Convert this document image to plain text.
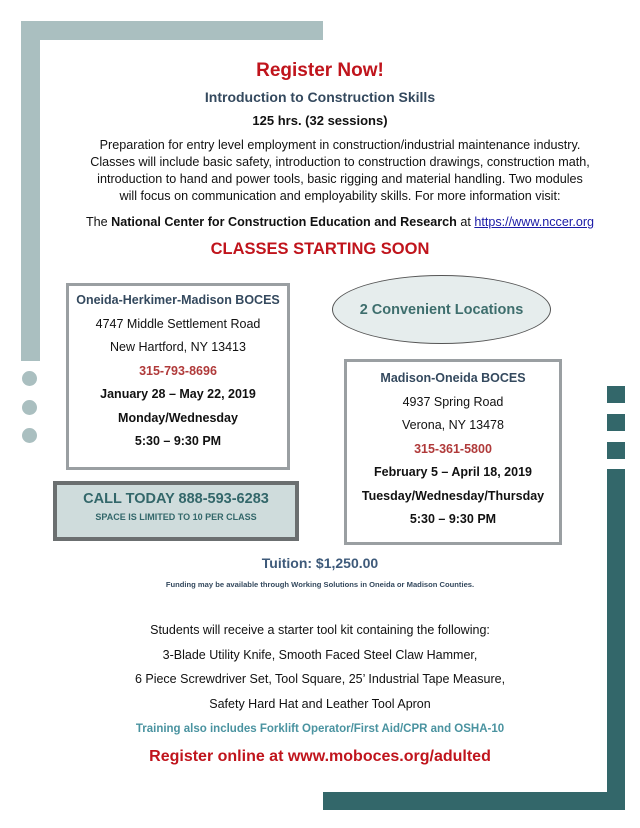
Register Now!
Introduction to Construction Skills
125 hrs. (32 sessions)
Preparation for entry level employment in construction/industrial maintenance industry.
Classes will include basic safety, introduction to construction drawings, construction math,
introduction to hand and power tools, basic rigging and material handling. Two modules
will focus on communication and employability skills. For more information visit:
The National Center for Construction Education and Research at https://www.nccer.org
CLASSES STARTING SOON
Oneida-Herkimer-Madison BOCES
4747 Middle Settlement Road
New Hartford, NY 13413
315-793-8696
January 28 – May 22, 2019
Monday/Wednesday
5:30 – 9:30 PM
2 Convenient Locations
Madison-Oneida BOCES
4937 Spring Road
Verona, NY 13478
315-361-5800
February 5 – April 18, 2019
Tuesday/Wednesday/Thursday
5:30 – 9:30 PM
CALL TODAY 888-593-6283
SPACE IS LIMITED TO 10 PER CLASS
Tuition: $1,250.00
Funding may be available through Working Solutions in Oneida or Madison Counties.
Students will receive a starter tool kit containing the following:
3-Blade Utility Knife, Smooth Faced Steel Claw Hammer,
6 Piece Screwdriver Set, Tool Square, 25’ Industrial Tape Measure,
Safety Hard Hat and Leather Tool Apron
Training also includes Forklift Operator/First Aid/CPR and OSHA-10
Register online at www.moboces.org/adulted
